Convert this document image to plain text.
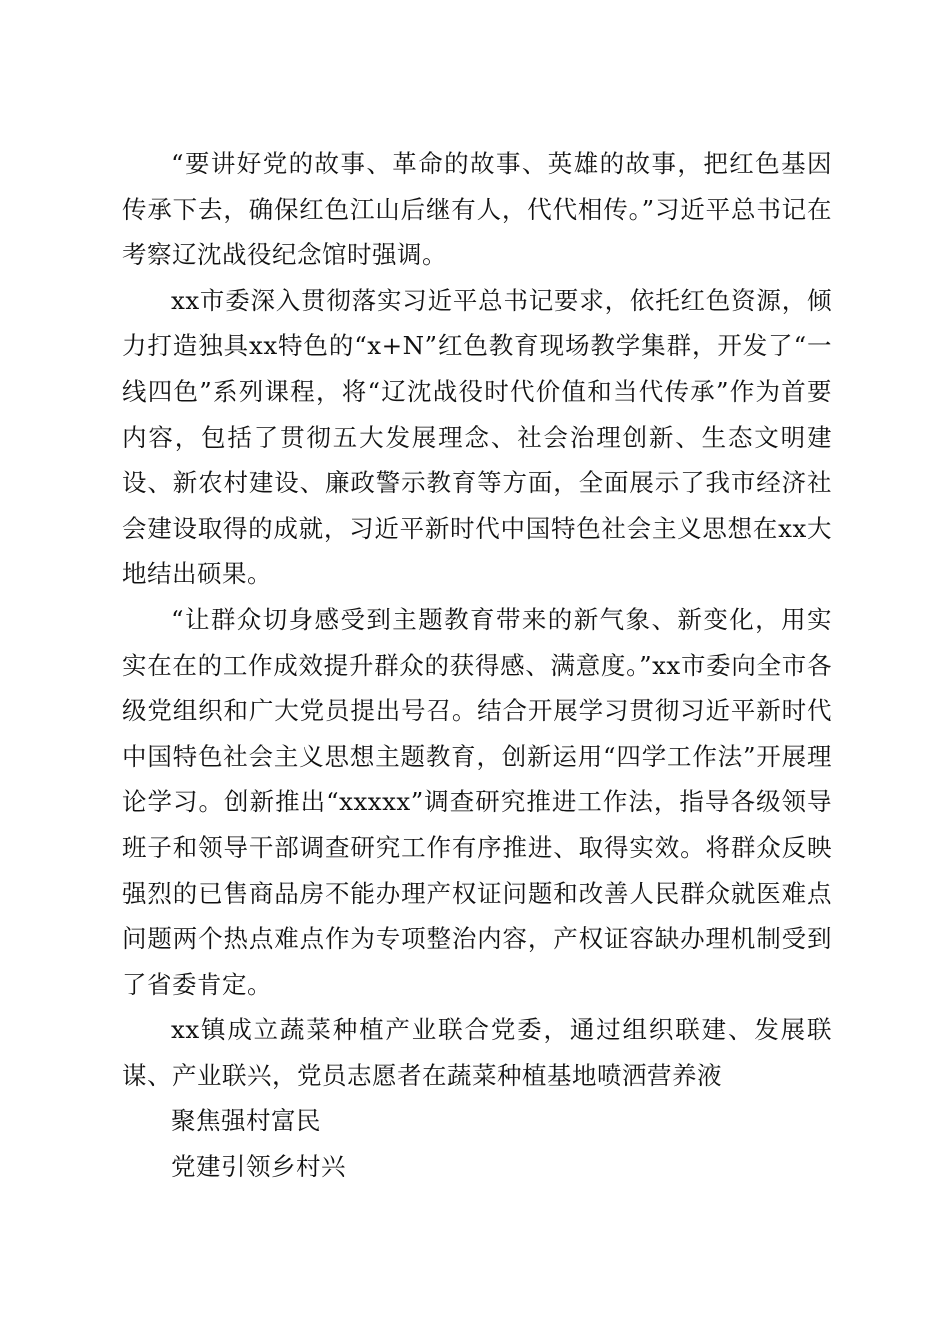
“要讲好党的故事、革命的故事、英雄的故事，把红色基因传承下去，确保红色江山后继有人，代代相传。”习近平总书记在考察辽沈战役纪念馆时强调。

xx市委深入贯彻落实习近平总书记要求，依托红色资源，倾力打造独具xx特色的“x+N”红色教育现场教学集群，开发了“一线四色”系列课程，将“辽沈战役时代价值和当代传承”作为首要内容，包括了贯彻五大发展理念、社会治理创新、生态文明建设、新农村建设、廉政警示教育等方面，全面展示了我市经济社会建设取得的成就，习近平新时代中国特色社会主义思想在xx大地结出硕果。

“让群众切身感受到主题教育带来的新气象、新变化，用实实在在的工作成效提升群众的获得感、满意度。”xx市委向全市各级党组织和广大党员提出号召。结合开展学习贯彻习近平新时代中国特色社会主义思想主题教育，创新运用“四学工作法”开展理论学习。创新推出“xxxxx”调查研究推进工作法，指导各级领导班子和领导干部调查研究工作有序推进、取得实效。将群众反映强烈的已售商品房不能办理产权证问题和改善人民群众就医难点问题两个热点难点作为专项整治内容，产权证容缺办理机制受到了省委肯定。

xx镇成立蔬菜种植产业联合党委，通过组织联建、发展联谋、产业联兴，党员志愿者在蔬菜种植基地喷洒营养液

聚焦强村富民

党建引领乡村兴
